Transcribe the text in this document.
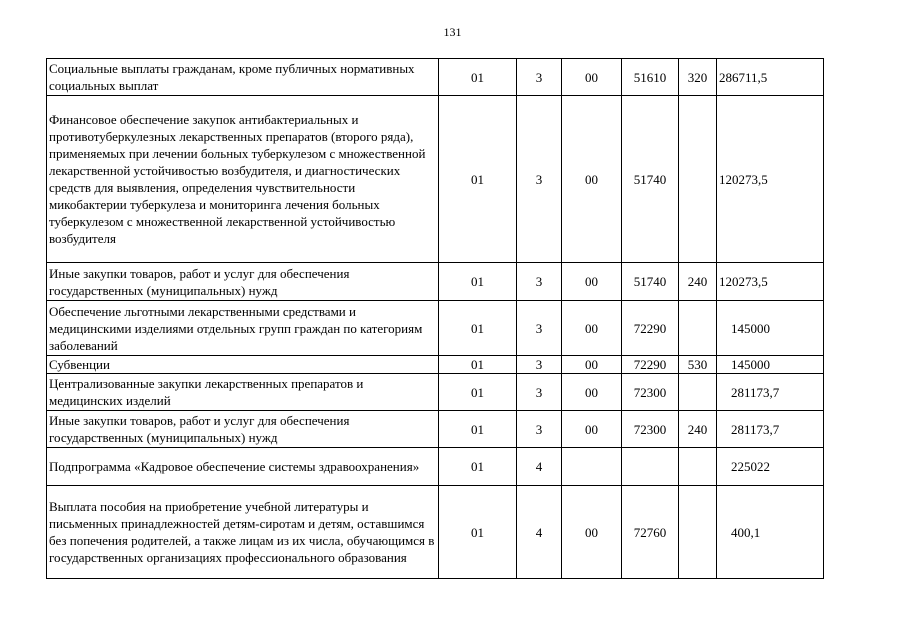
131
Социальные выплаты гражданам, кроме публичных нормативных социальных выплат	01	3	00	51610	320	286711,5
Финансовое обеспечение закупок антибактериальных и противотуберкулезных лекарственных препаратов (второго ряда), применяемых при лечении больных туберкулезом с множественной лекарственной устойчивостью возбудителя, и диагностических средств для выявления, определения чувствительности микобактерии туберкулеза и мониторинга лечения больных туберкулезом с множественной лекарственной устойчивостью возбудителя	01	3	00	51740		120273,5
Иные закупки товаров, работ и услуг для обеспечения государственных (муниципальных) нужд	01	3	00	51740	240	120273,5
Обеспечение льготными лекарственными средствами и медицинскими изделиями отдельных групп граждан по категориям заболеваний	01	3	00	72290		145000
Субвенции	01	3	00	72290	530	145000
Централизованные закупки лекарственных препаратов и медицинских изделий	01	3	00	72300		281173,7
Иные закупки товаров, работ и услуг для обеспечения государственных (муниципальных) нужд	01	3	00	72300	240	281173,7
Подпрограмма «Кадровое обеспечение системы здравоохранения»	01	4				225022
Выплата пособия на приобретение учебной литературы и письменных принадлежностей детям-сиротам и детям, оставшимся без попечения родителей, а также лицам из их числа, обучающимся в государственных организациях профессионального образования	01	4	00	72760		400,1
